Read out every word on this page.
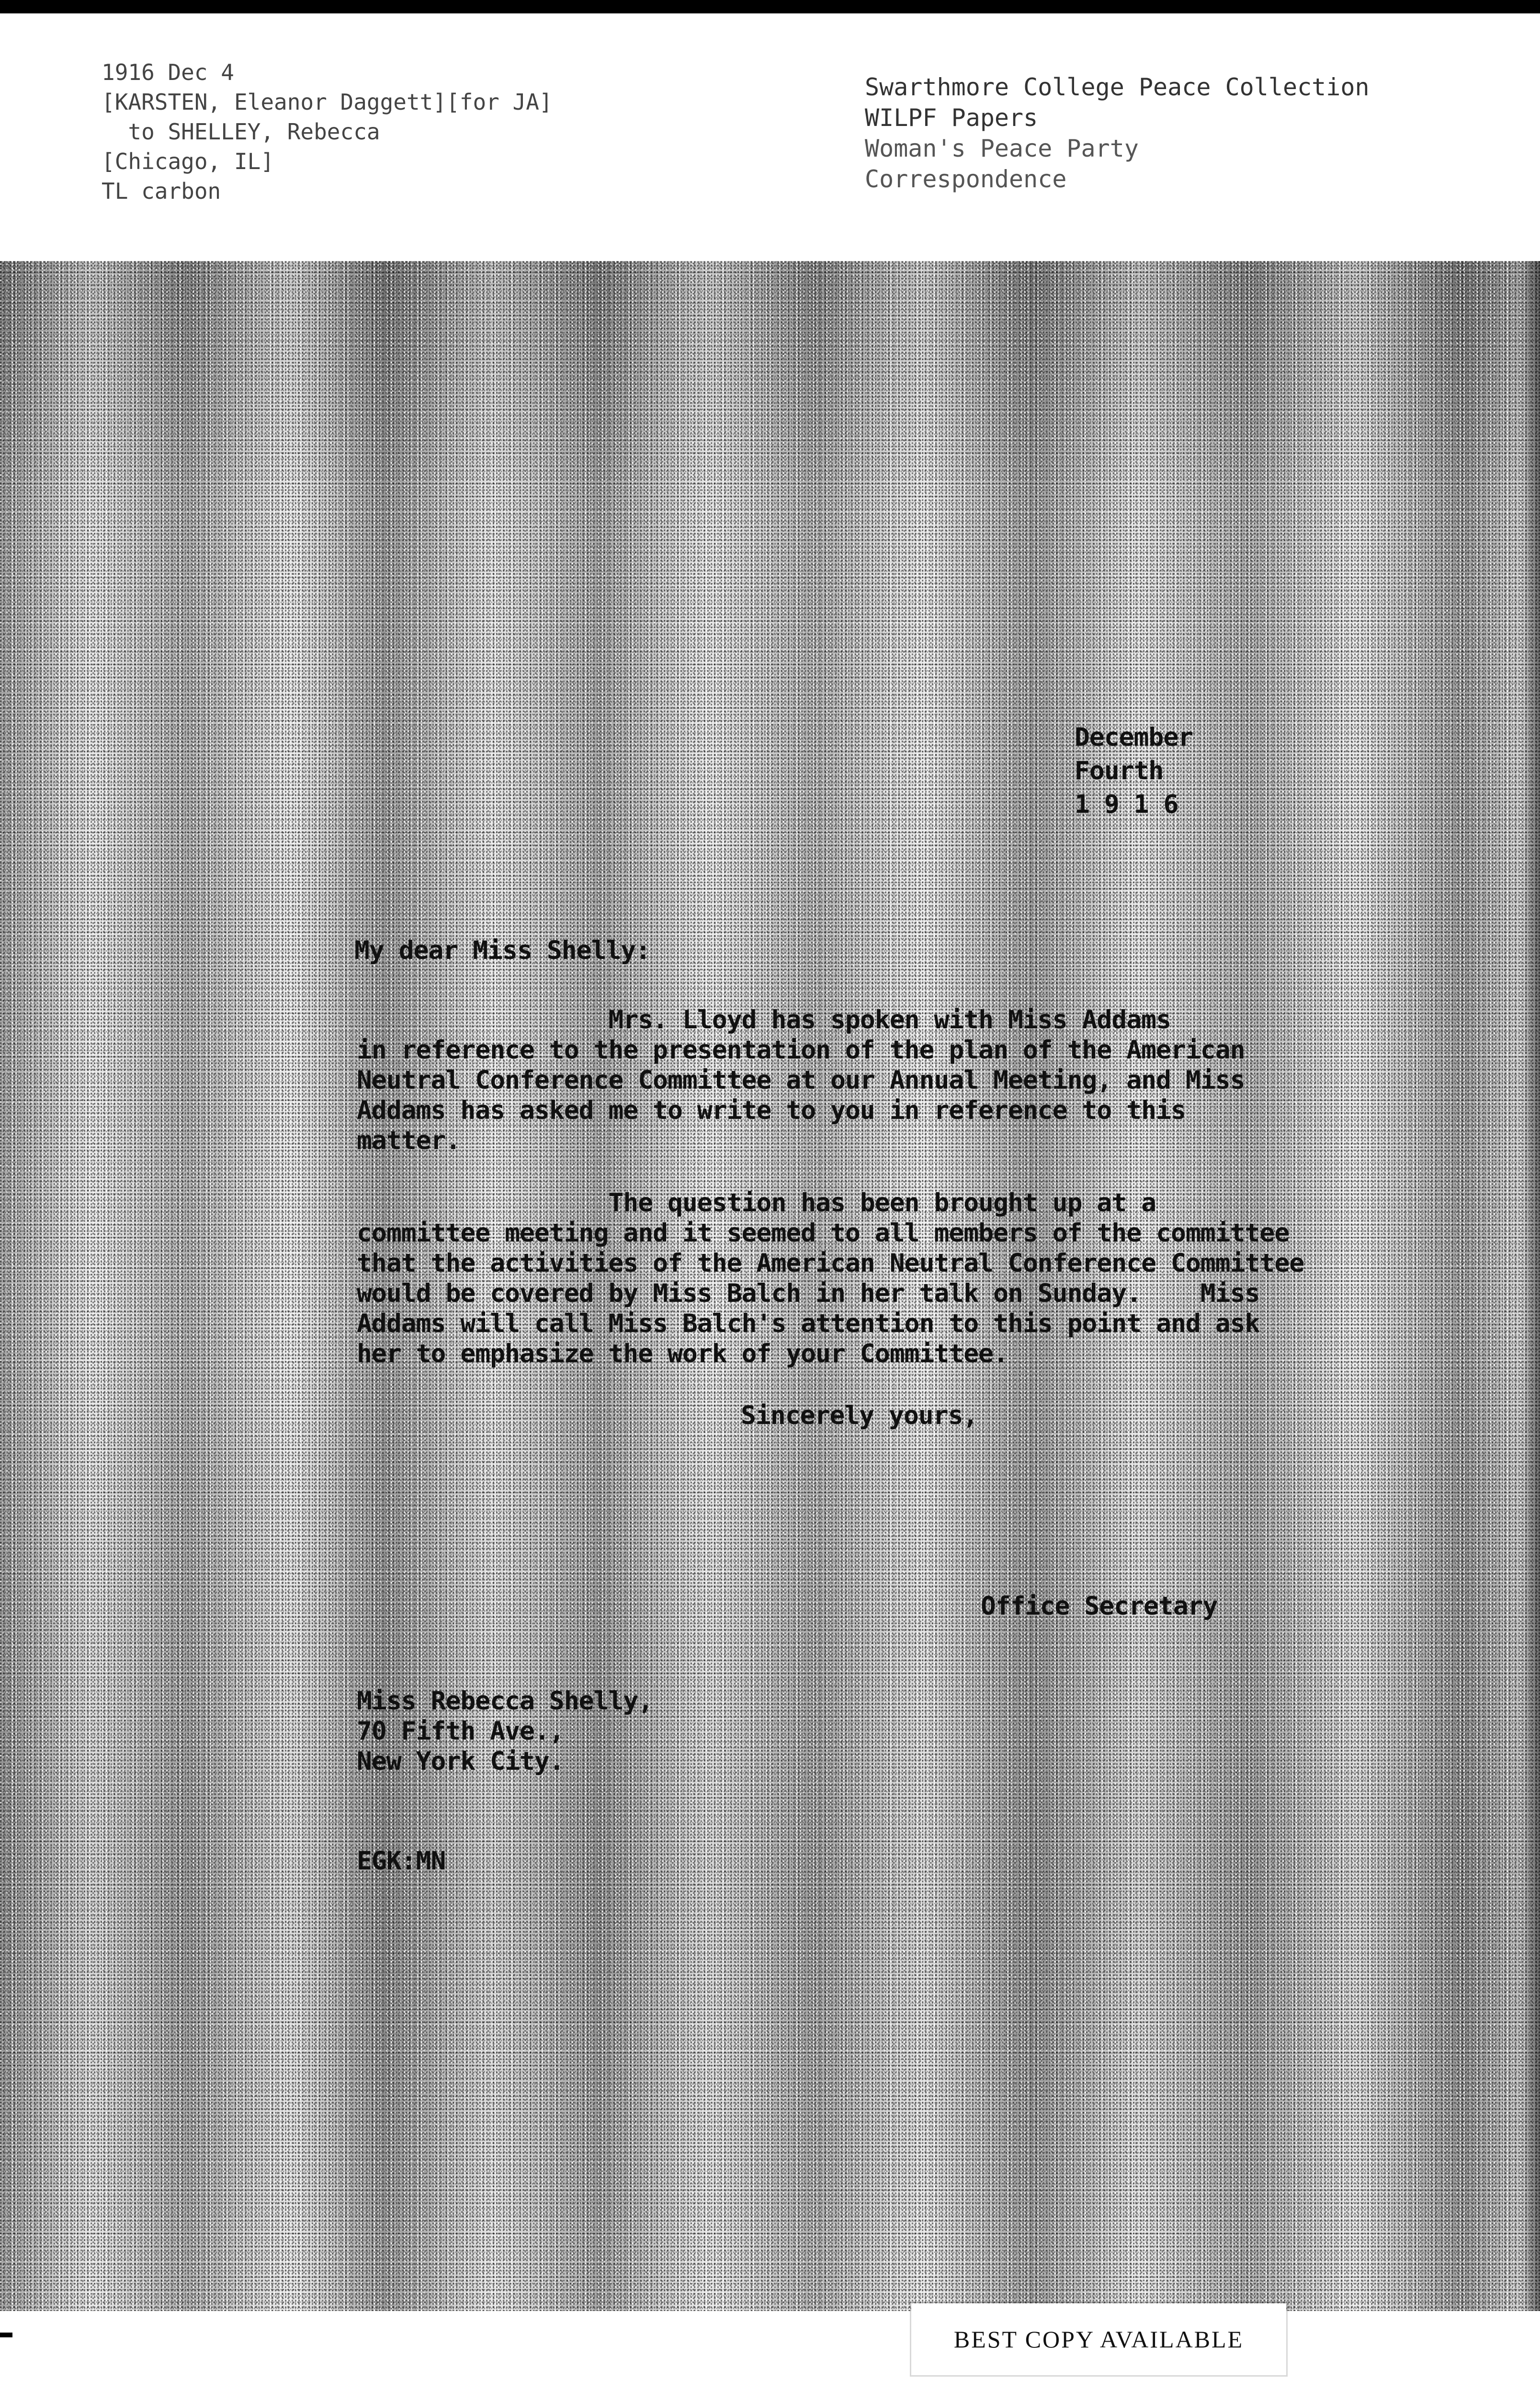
1916 Dec 4
[KARSTEN, Eleanor Daggett][for JA]
to SHELLEY, Rebecca
[Chicago, IL]
TL carbon
Swarthmore College Peace Collection
WILPF Papers
Woman's Peace Party
Correspondence
December
Fourth
1 9 1 6
My dear Miss Shelly:
Mrs. Lloyd has spoken with Miss Addams
in reference to the presentation of the plan of the American
Neutral Conference Committee at our Annual Meeting, and Miss
Addams has asked me to write to you in reference to this
matter.
The question has been brought up at a
committee meeting and it seemed to all members of the committee
that the activities of the American Neutral Conference Committee
would be covered by Miss Balch in her talk on Sunday.    Miss
Addams will call Miss Balch's attention to this point and ask
her to emphasize the work of your Committee.
Sincerely yours,
Office Secretary
Miss Rebecca Shelly,
70 Fifth Ave.,
New York City.
EGK:MN
BEST COPY AVAILABLE
